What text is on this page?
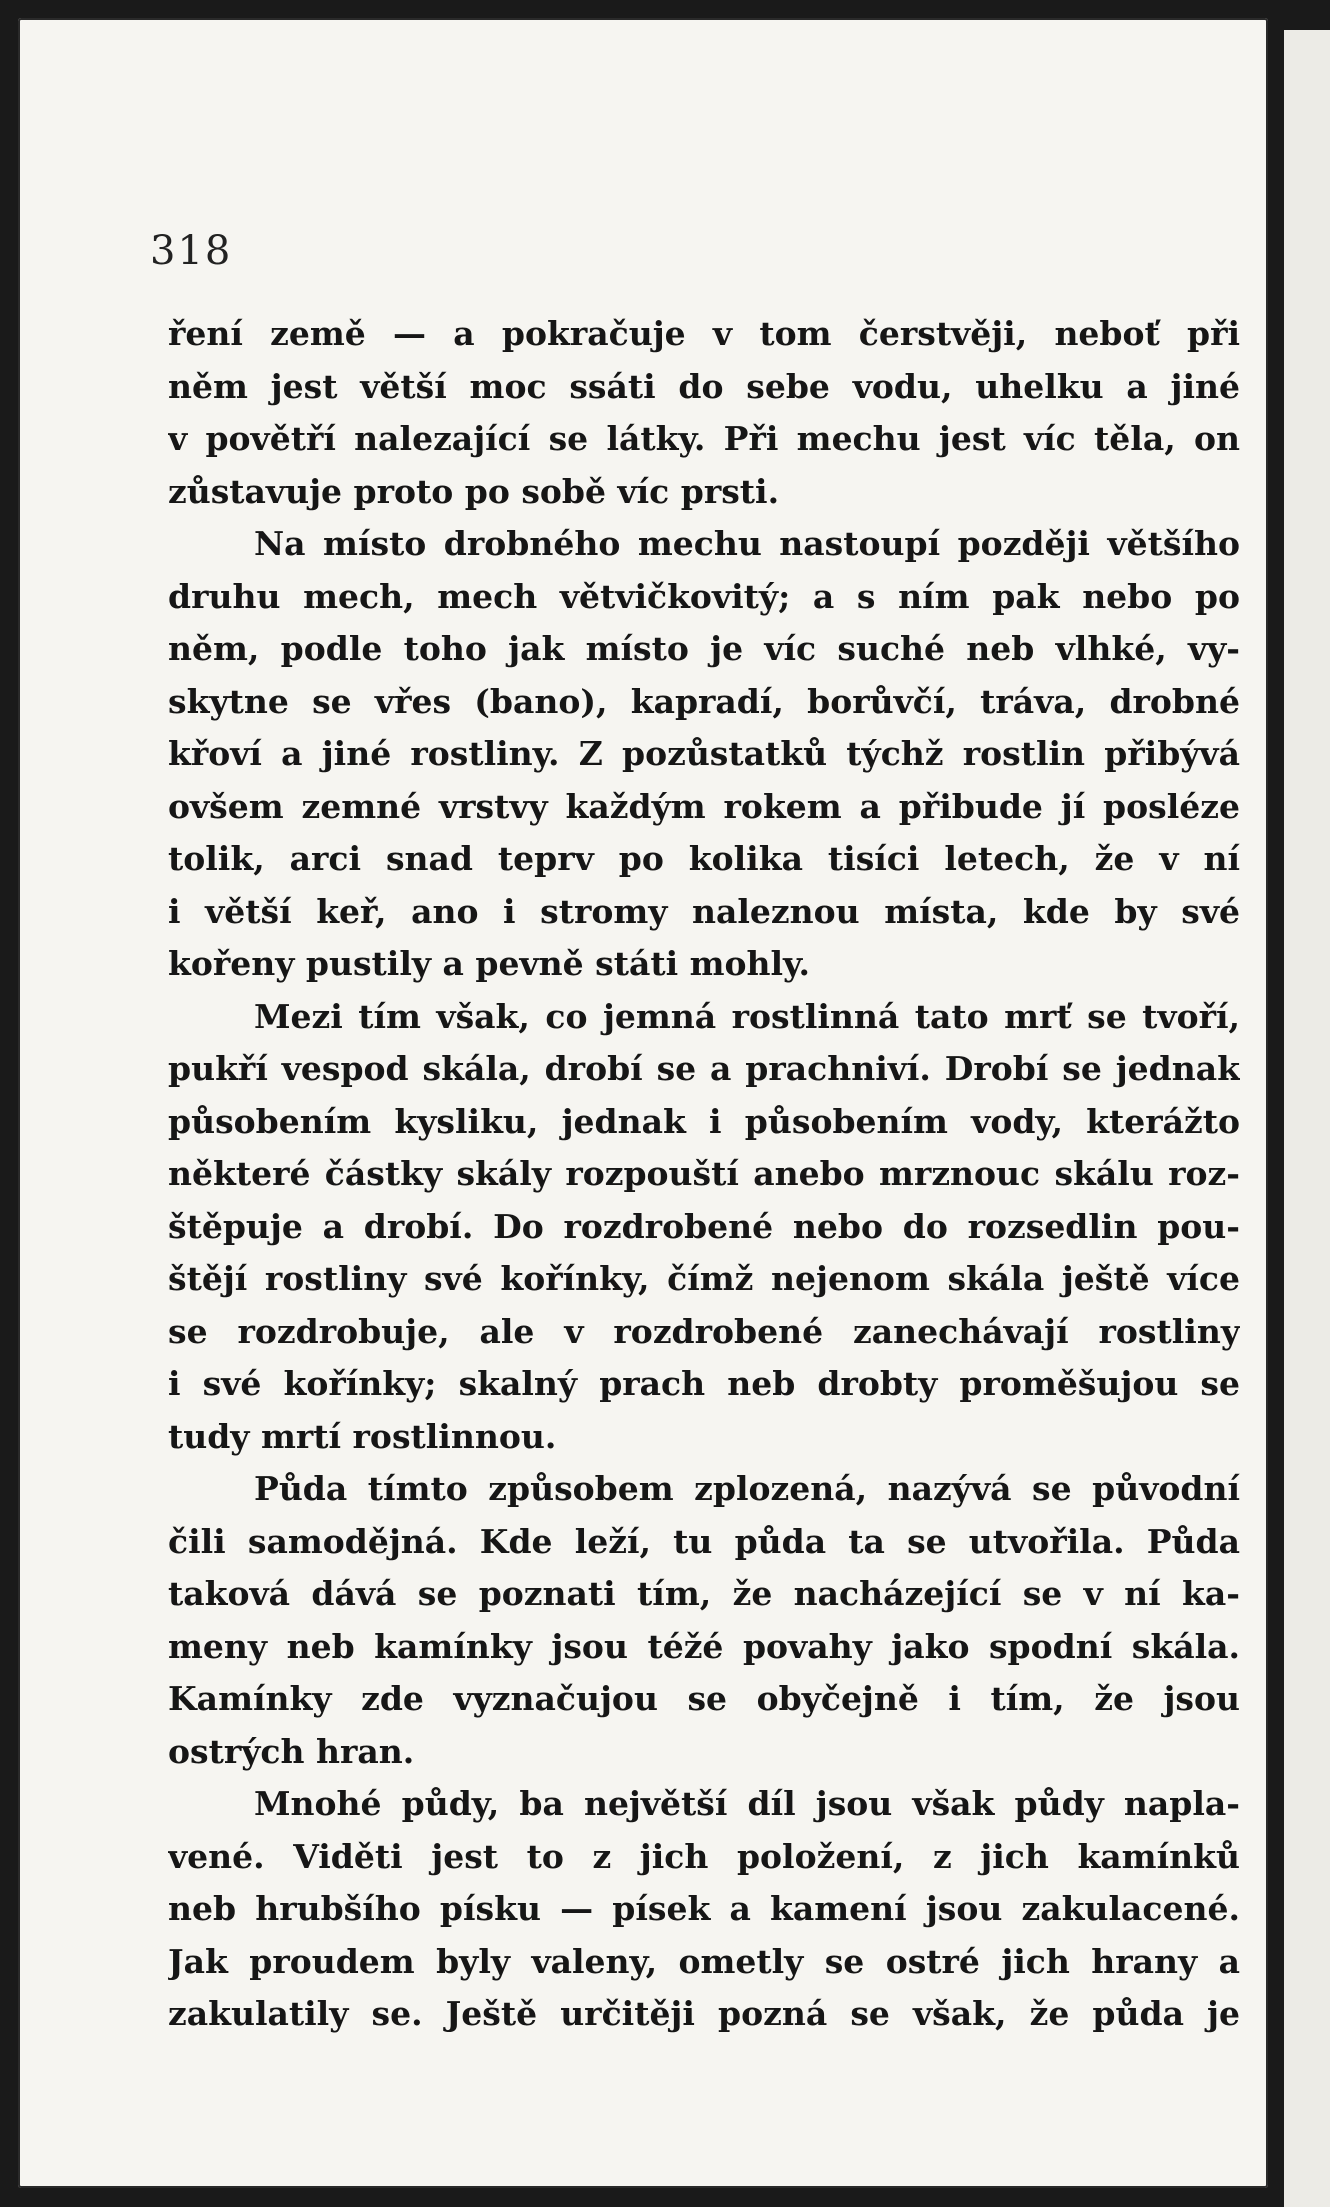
318
ření země — a pokračuje v tom čerstvěji, neboť při
něm jest větší moc ssáti do sebe vodu, uhelku a jiné
v povětří nalezající se látky. Při mechu jest víc těla, on
zůstavuje proto po sobě víc prsti.
Na místo drobného mechu nastoupí později většího
druhu mech, mech větvičkovitý; a s ním pak nebo po
něm, podle toho jak místo je víc suché neb vlhké, vy-
skytne se vřes (bano), kapradí, borůvčí, tráva, drobné
křoví a jiné rostliny. Z pozůstatků týchž rostlin přibývá
ovšem zemné vrstvy každým rokem a přibude jí posléze
tolik, arci snad teprv po kolika tisíci letech, že v ní
i větší keř, ano i stromy naleznou místa, kde by své
kořeny pustily a pevně státi mohly.
Mezi tím však, co jemná rostlinná tato mrť se tvoří,
pukří vespod skála, drobí se a prachniví. Drobí se jednak
působením kysliku, jednak i působením vody, kterážto
některé částky skály rozpouští anebo mrznouc skálu roz-
štěpuje a drobí. Do rozdrobené nebo do rozsedlin pou-
štějí rostliny své kořínky, čímž nejenom skála ještě více
se rozdrobuje, ale v rozdrobené zanechávají rostliny
i své kořínky; skalný prach neb drobty proměšujou se
tudy mrtí rostlinnou.
Půda tímto způsobem zplozená, nazývá se původní
čili samodějná. Kde leží, tu půda ta se utvořila. Půda
taková dává se poznati tím, že nacházející se v ní ka-
meny neb kamínky jsou téžé povahy jako spodní skála.
Kamínky zde vyznačujou se obyčejně i tím, že jsou
ostrých hran.
Mnohé půdy, ba největší díl jsou však půdy napla-
vené. Viděti jest to z jich položení, z jich kamínků
neb hrubšího písku — písek a kamení jsou zakulacené.
Jak proudem byly valeny, ometly se ostré jich hrany a
zakulatily se. Ještě určitěji pozná se však, že půda je
